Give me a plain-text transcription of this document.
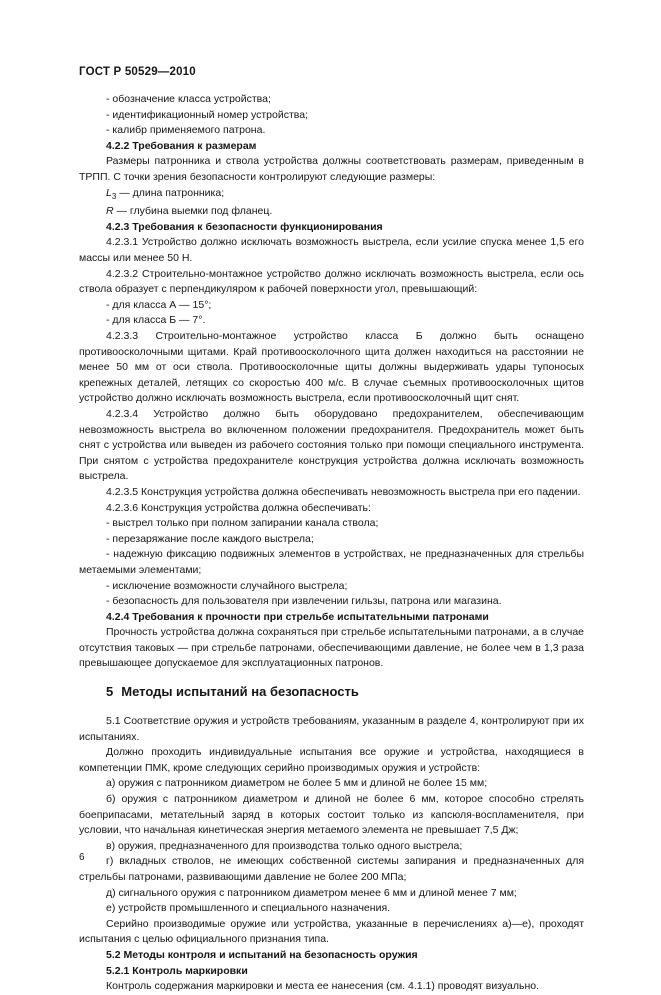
ГОСТ Р 50529—2010
- обозначение класса устройства;
- идентификационный номер устройства;
- калибр применяемого патрона.
4.2.2 Требования к размерам
Размеры патронника и ствола устройства должны соответствовать размерам, приведенным в ТРПП. С точки зрения безопасности контролируют следующие размеры:
$L_3$ — длина патронника;
R — глубина выемки под фланец.
4.2.3 Требования к безопасности функционирования
4.2.3.1 Устройство должно исключать возможность выстрела, если усилие спуска менее 1,5 его массы или менее 50 Н.
4.2.3.2 Строительно-монтажное устройство должно исключать возможность выстрела, если ось ствола образует с перпендикуляром к рабочей поверхности угол, превышающий:
- для класса А — 15°;
- для класса Б — 7°.
4.2.3.3 Строительно-монтажное устройство класса Б должно быть оснащено противоосколочными щитами. Край противоосколочного щита должен находиться на расстоянии не менее 50 мм от оси ствола. Противоосколочные щиты должны выдерживать удары тупоносых крепежных деталей, летящих со скоростью 400 м/с. В случае съемных противоосколочных щитов устройство должно исключать возможность выстрела, если противоосколочный щит снят.
4.2.3.4 Устройство должно быть оборудовано предохранителем, обеспечивающим невозможность выстрела во включенном положении предохранителя. Предохранитель может быть снят с устройства или выведен из рабочего состояния только при помощи специального инструмента. При снятом с устройства предохранителе конструкция устройства должна исключать возможность выстрела.
4.2.3.5 Конструкция устройства должна обеспечивать невозможность выстрела при его падении.
4.2.3.6 Конструкция устройства должна обеспечивать:
- выстрел только при полном запирании канала ствола;
- перезаряжание после каждого выстрела;
- надежную фиксацию подвижных элементов в устройствах, не предназначенных для стрельбы метаемыми элементами;
- исключение возможности случайного выстрела;
- безопасность для пользователя при извлечении гильзы, патрона или магазина.
4.2.4 Требования к прочности при стрельбе испытательными патронами
Прочность устройства должна сохраняться при стрельбе испытательными патронами, а в случае отсутствия таковых — при стрельбе патронами, обеспечивающими давление, не более чем в 1,3 раза превышающее допускаемое для эксплуатационных патронов.
5 Методы испытаний на безопасность
5.1 Соответствие оружия и устройств требованиям, указанным в разделе 4, контролируют при их испытаниях.
Должно проходить индивидуальные испытания все оружие и устройства, находящиеся в компетенции ПМК, кроме следующих серийно производимых оружия и устройств:
а) оружия с патронником диаметром не более 5 мм и длиной не более 15 мм;
б) оружия с патронником диаметром и длиной не более 6 мм, которое способно стрелять боеприпасами, метательный заряд в которых состоит только из капсюля-воспламенителя, при условии, что начальная кинетическая энергия метаемого элемента не превышает 7,5 Дж;
в) оружия, предназначенного для производства только одного выстрела;
г) вкладных стволов, не имеющих собственной системы запирания и предназначенных для стрельбы патронами, развивающими давление не более 200 МПа;
д) сигнального оружия с патронником диаметром менее 6 мм и длиной менее 7 мм;
е) устройств промышленного и специального назначения.
Серийно производимые оружие или устройства, указанные в перечислениях а)—е), проходят испытания с целью официального признания типа.
5.2 Методы контроля и испытаний на безопасность оружия
5.2.1 Контроль маркировки
Контроль содержания маркировки и места ее нанесения (см. 4.1.1) проводят визуально.
6
